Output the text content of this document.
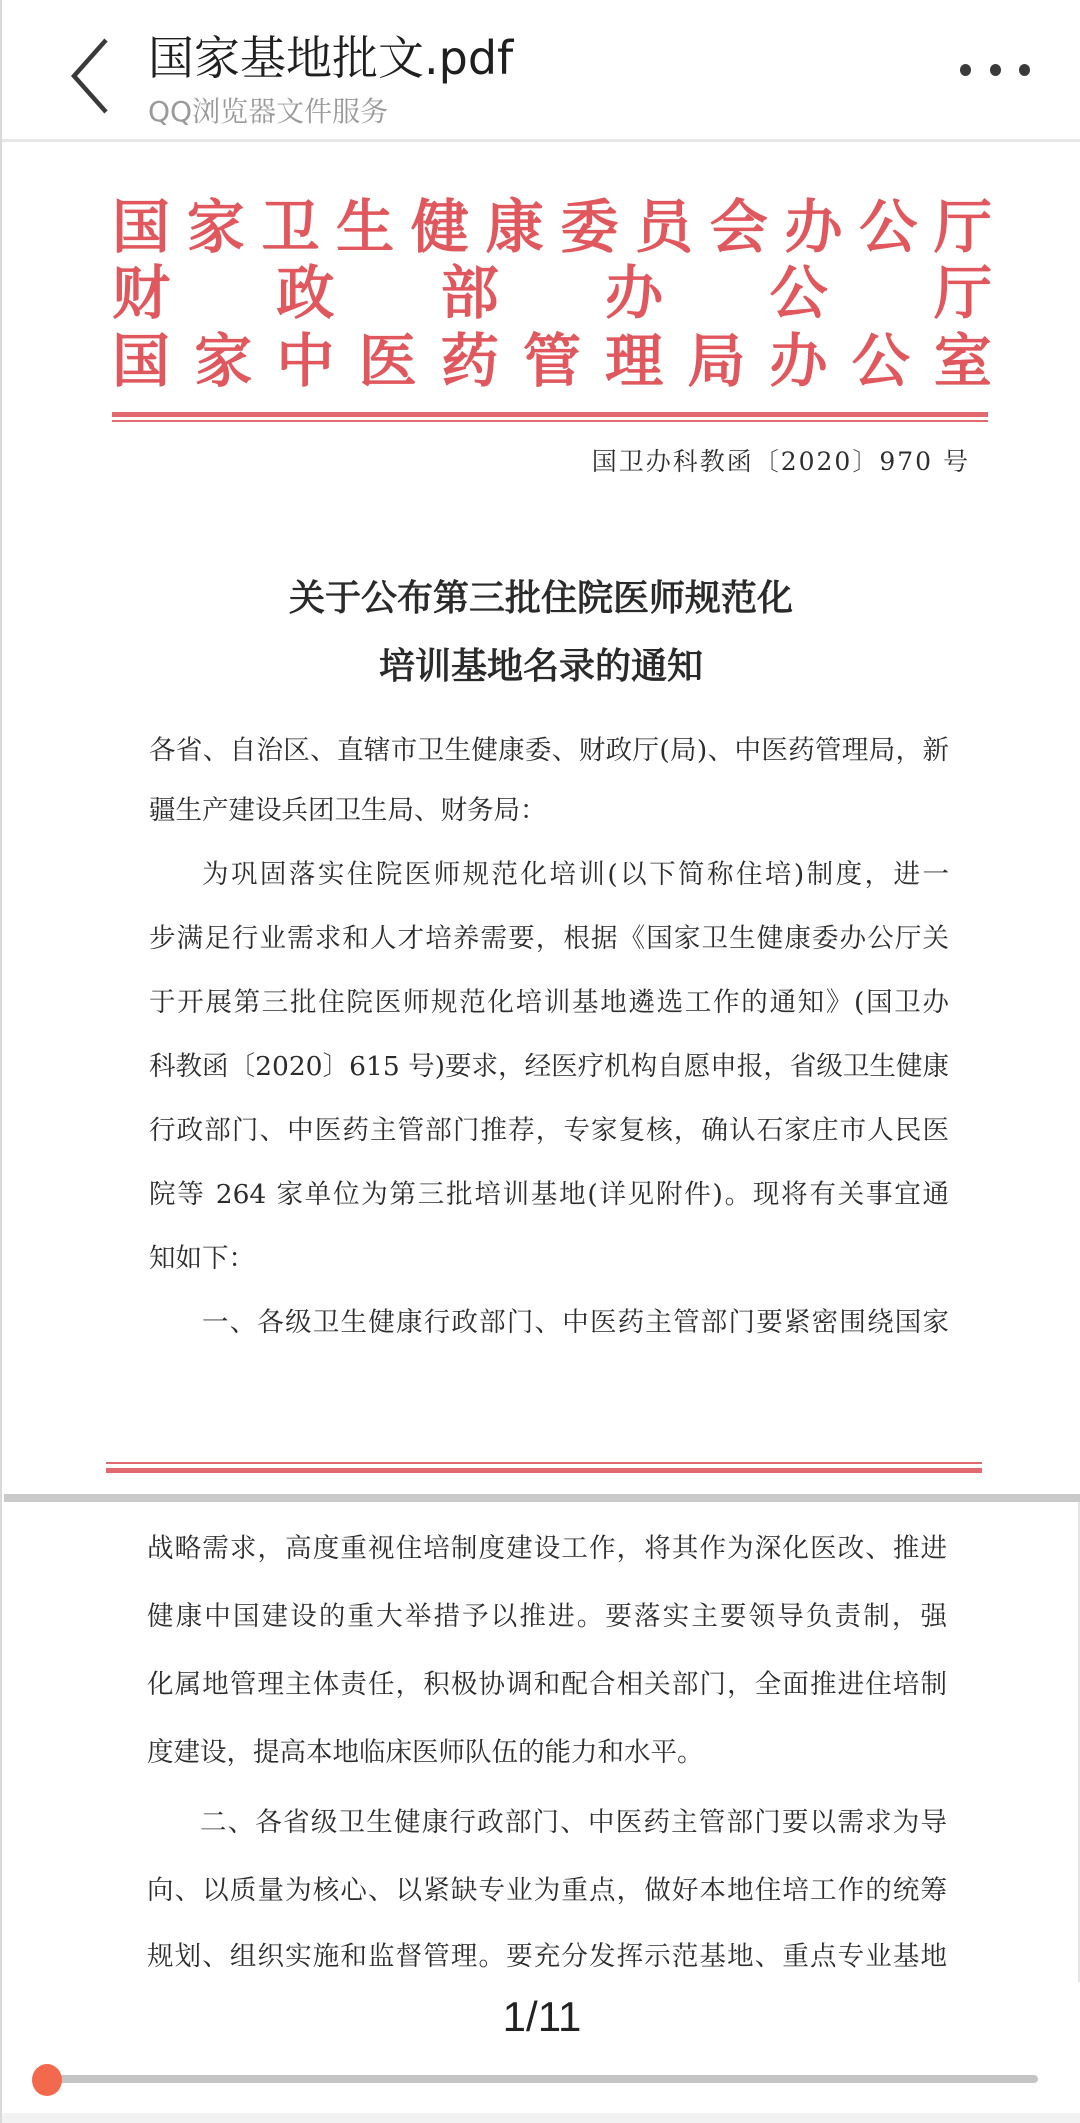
国家基地批文.pdf
QQ浏览器文件服务
国 家 卫 生 健 康 委 员 会 办 公 厅
财 政 部 办 公 厅
国 家 中 医 药 管 理 局 办 公 室
国卫办科教函〔2020〕970 号
关于公布第三批住院医师规范化
培训基地名录的通知
各省、自治区、直辖市卫生健康委、财政厅(局)、中医药管理局，新
疆生产建设兵团卫生局、财务局：
为巩固落实住院医师规范化培训(以下简称住培)制度，进一
步满足行业需求和人才培养需要，根据《国家卫生健康委办公厅关
于开展第三批住院医师规范化培训基地遴选工作的通知》(国卫办
科教函〔2020〕615 号)要求，经医疗机构自愿申报，省级卫生健康
行政部门、中医药主管部门推荐，专家复核，确认石家庄市人民医
院等 264 家单位为第三批培训基地(详见附件)。现将有关事宜通
知如下：
一、各级卫生健康行政部门、中医药主管部门要紧密围绕国家
战略需求，高度重视住培制度建设工作，将其作为深化医改、推进
健康中国建设的重大举措予以推进。要落实主要领导负责制，强
化属地管理主体责任，积极协调和配合相关部门，全面推进住培制
度建设，提高本地临床医师队伍的能力和水平。
二、各省级卫生健康行政部门、中医药主管部门要以需求为导
向、以质量为核心、以紧缺专业为重点，做好本地住培工作的统筹
规划、组织实施和监督管理。要充分发挥示范基地、重点专业基地
1/11
